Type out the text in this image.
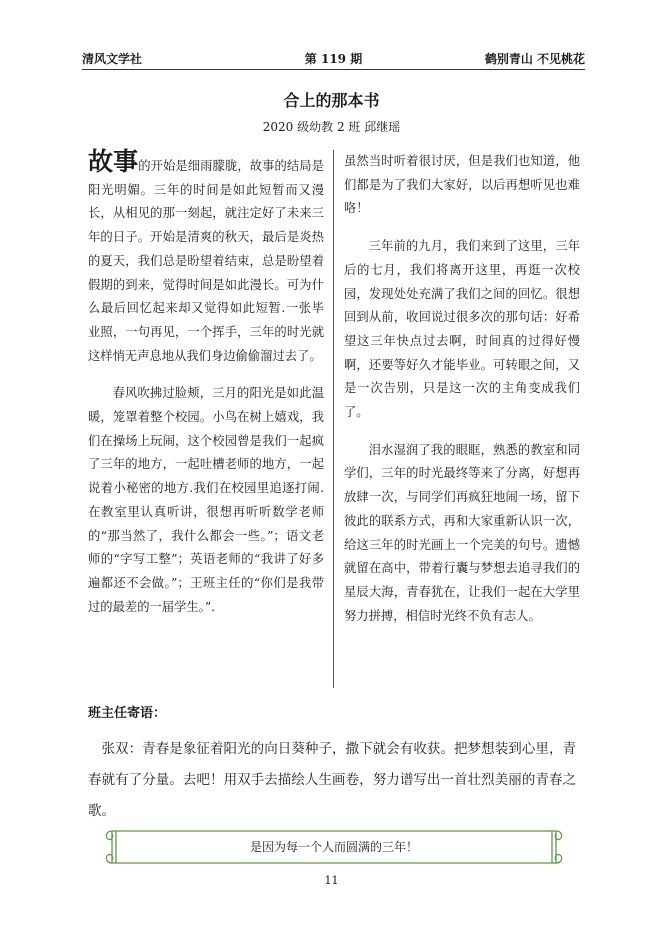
清风文学社	第 119 期	鹤别青山 不见桃花
合上的那本书
2020 级幼教 2 班 邱继瑶

故事的开始是细雨朦胧，故事的结局是阳光明媚。三年的时间是如此短暂而又漫长，从相见的那一刻起，就注定好了未来三年的日子。开始是清爽的秋天，最后是炎热的夏天，我们总是盼望着结束，总是盼望着假期的到来，觉得时间是如此漫长。可为什么最后回忆起来却又觉得如此短暂.一张毕业照，一句再见，一个挥手，三年的时光就这样悄无声息地从我们身边偷偷溜过去了。

春风吹拂过脸颊，三月的阳光是如此温暖，笼罩着整个校园。小鸟在树上嬉戏，我们在操场上玩闹，这个校园曾是我们一起疯了三年的地方，一起吐槽老师的地方，一起说着小秘密的地方.我们在校园里追逐打闹.在教室里认真听讲，很想再听听数学老师的“那当然了，我什么都会一些。”；语文老师的“字写工整”；英语老师的“我讲了好多遍都还不会做。”；王班主任的“你们是我带过的最差的一届学生。”.

虽然当时听着很讨厌，但是我们也知道，他们都是为了我们大家好，以后再想听见也难咯！

三年前的九月，我们来到了这里，三年后的七月，我们将离开这里，再逛一次校园，发现处处充满了我们之间的回忆。很想回到从前，收回说过很多次的那句话：好希望这三年快点过去啊，时间真的过得好慢啊，还要等好久才能毕业。可转眼之间，又是一次告别，只是这一次的主角变成我们了。

泪水湿润了我的眼眶，熟悉的教室和同学们，三年的时光最终等来了分离，好想再放肆一次，与同学们再疯狂地闹一场，留下彼此的联系方式，再和大家重新认识一次，给这三年的时光画上一个完美的句号。遗憾就留在高中，带着行囊与梦想去追寻我们的星辰大海，青春犹在，让我们一起在大学里努力拼搏，相信时光终不负有志人。

班主任寄语：
张双：青春是象征着阳光的向日葵种子，撒下就会有收获。把梦想装到心里，青春就有了分量。去吧！用双手去描绘人生画卷，努力谱写出一首壮烈美丽的青春之歌。
是因为每一个人而圆满的三年！
11
